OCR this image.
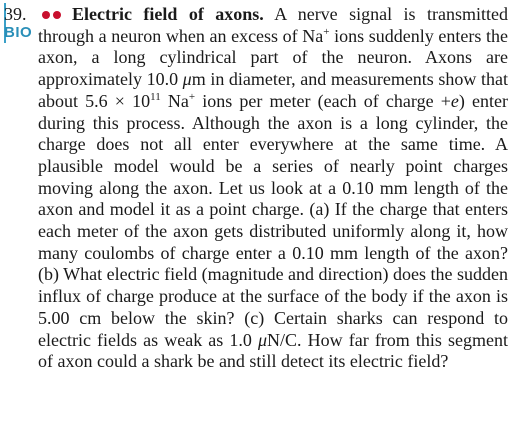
39.
BIO

Electric field of axons. A nerve signal is transmitted through a neuron when an excess of Na+ ions suddenly enters the axon, a long cylindrical part of the neuron. Axons are approximately 10.0 μm in diameter, and measurements show that about $5.6 \times 10^{11}$ Na+ ions per meter (each of charge +e) enter during this process. Although the axon is a long cylinder, the charge does not all enter everywhere at the same time. A plausible model would be a series of nearly point charges moving along the axon. Let us look at a 0.10 mm length of the axon and model it as a point charge. (a) If the charge that enters each meter of the axon gets distributed uniformly along it, how many coulombs of charge enter a 0.10 mm length of the axon? (b) What electric field (magnitude and direction) does the sudden influx of charge produce at the surface of the body if the axon is 5.00 cm below the skin? (c) Certain sharks can respond to electric fields as weak as 1.0 μN/C. How far from this segment of axon could a shark be and still detect its electric field?
